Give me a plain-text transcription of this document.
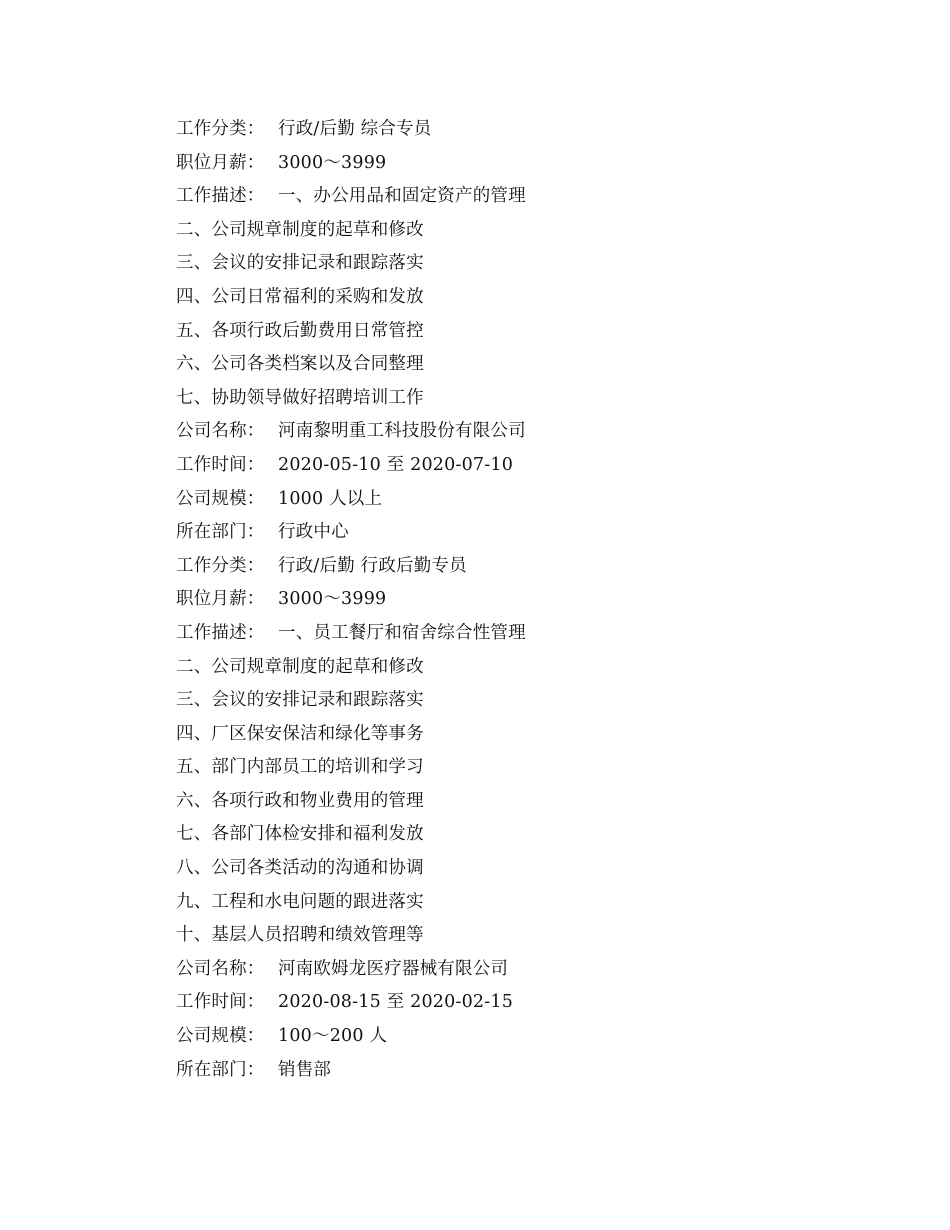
工作分类： 行政/后勤 综合专员
职位月薪： 3000～3999
工作描述： 一、办公用品和固定资产的管理
二、公司规章制度的起草和修改
三、会议的安排记录和跟踪落实
四、公司日常福利的采购和发放
五、各项行政后勤费用日常管控
六、公司各类档案以及合同整理
七、协助领导做好招聘培训工作
公司名称： 河南黎明重工科技股份有限公司
工作时间： 2020-05-10 至 2020-07-10
公司规模： 1000 人以上
所在部门： 行政中心
工作分类： 行政/后勤 行政后勤专员
职位月薪： 3000～3999
工作描述： 一、员工餐厅和宿舍综合性管理
二、公司规章制度的起草和修改
三、会议的安排记录和跟踪落实
四、厂区保安保洁和绿化等事务
五、部门内部员工的培训和学习
六、各项行政和物业费用的管理
七、各部门体检安排和福利发放
八、公司各类活动的沟通和协调
九、工程和水电问题的跟进落实
十、基层人员招聘和绩效管理等
公司名称： 河南欧姆龙医疗器械有限公司
工作时间： 2020-08-15 至 2020-02-15
公司规模： 100～200 人
所在部门： 销售部
